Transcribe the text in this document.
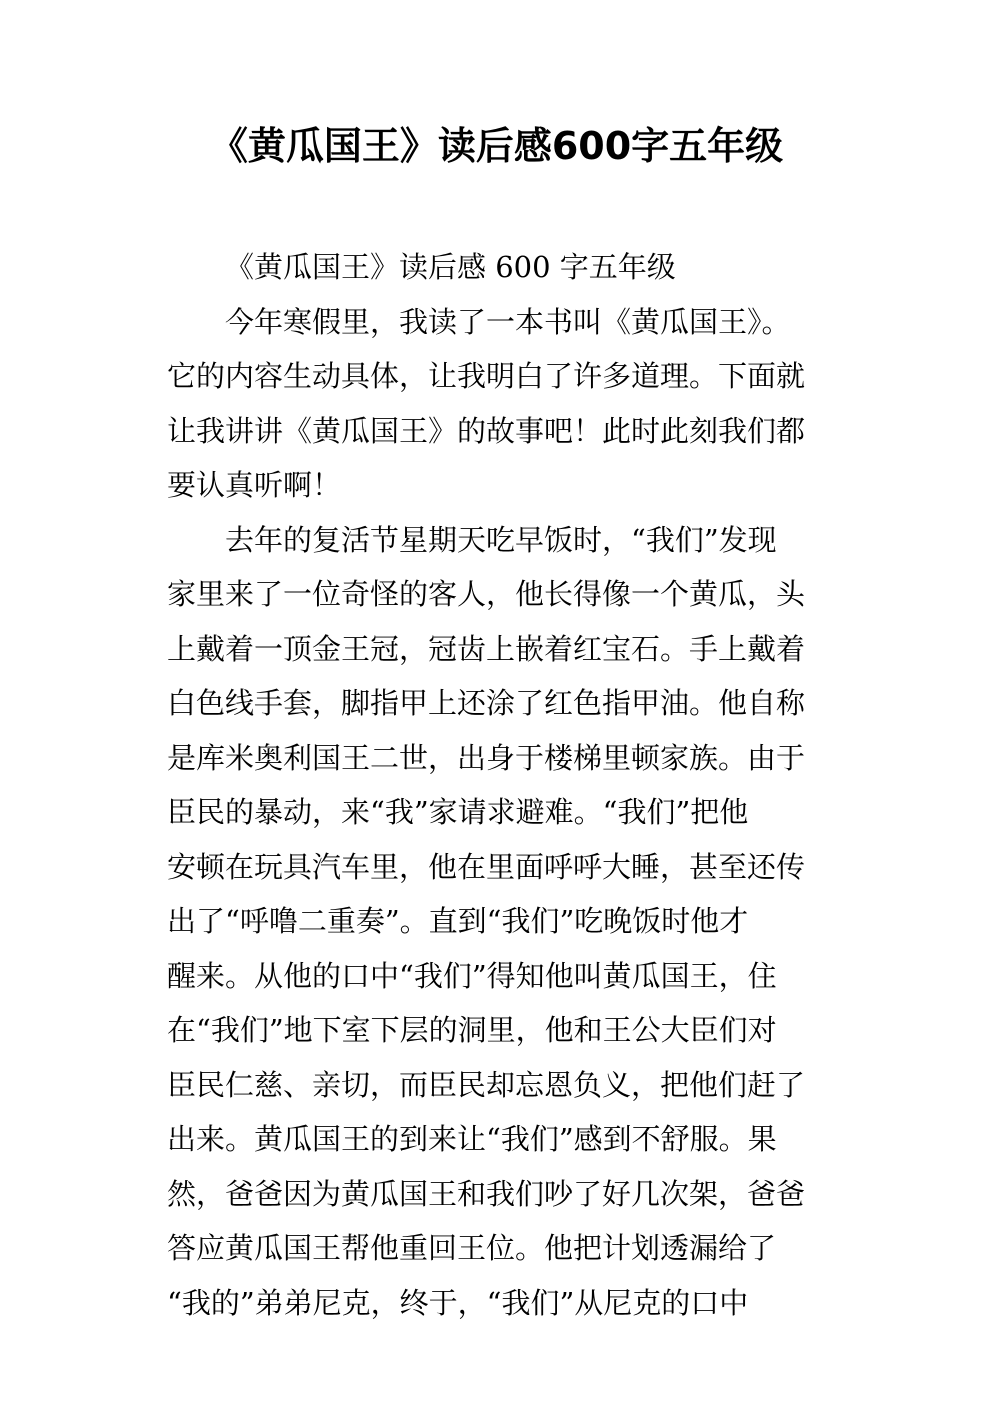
《黄瓜国王》读后感600字五年级
《黄瓜国王》读后感 600 字五年级
今年寒假里，我读了一本书叫《黄瓜国王》。
它的内容生动具体，让我明白了许多道理。下面就
让我讲讲《黄瓜国王》的故事吧！此时此刻我们都
要认真听啊！
去年的复活节星期天吃早饭时，“我们”发现
家里来了一位奇怪的客人，他长得像一个黄瓜，头
上戴着一顶金王冠，冠齿上嵌着红宝石。手上戴着
白色线手套，脚指甲上还涂了红色指甲油。他自称
是库米奥利国王二世，出身于楼梯里顿家族。由于
臣民的暴动，来“我”家请求避难。“我们”把他
安顿在玩具汽车里，他在里面呼呼大睡，甚至还传
出了“呼噜二重奏”。直到“我们”吃晚饭时他才
醒来。从他的口中“我们”得知他叫黄瓜国王，住
在“我们”地下室下层的洞里，他和王公大臣们对
臣民仁慈、亲切，而臣民却忘恩负义，把他们赶了
出来。黄瓜国王的到来让“我们”感到不舒服。果
然，爸爸因为黄瓜国王和我们吵了好几次架，爸爸
答应黄瓜国王帮他重回王位。他把计划透漏给了
“我的”弟弟尼克，终于，“我们”从尼克的口中
